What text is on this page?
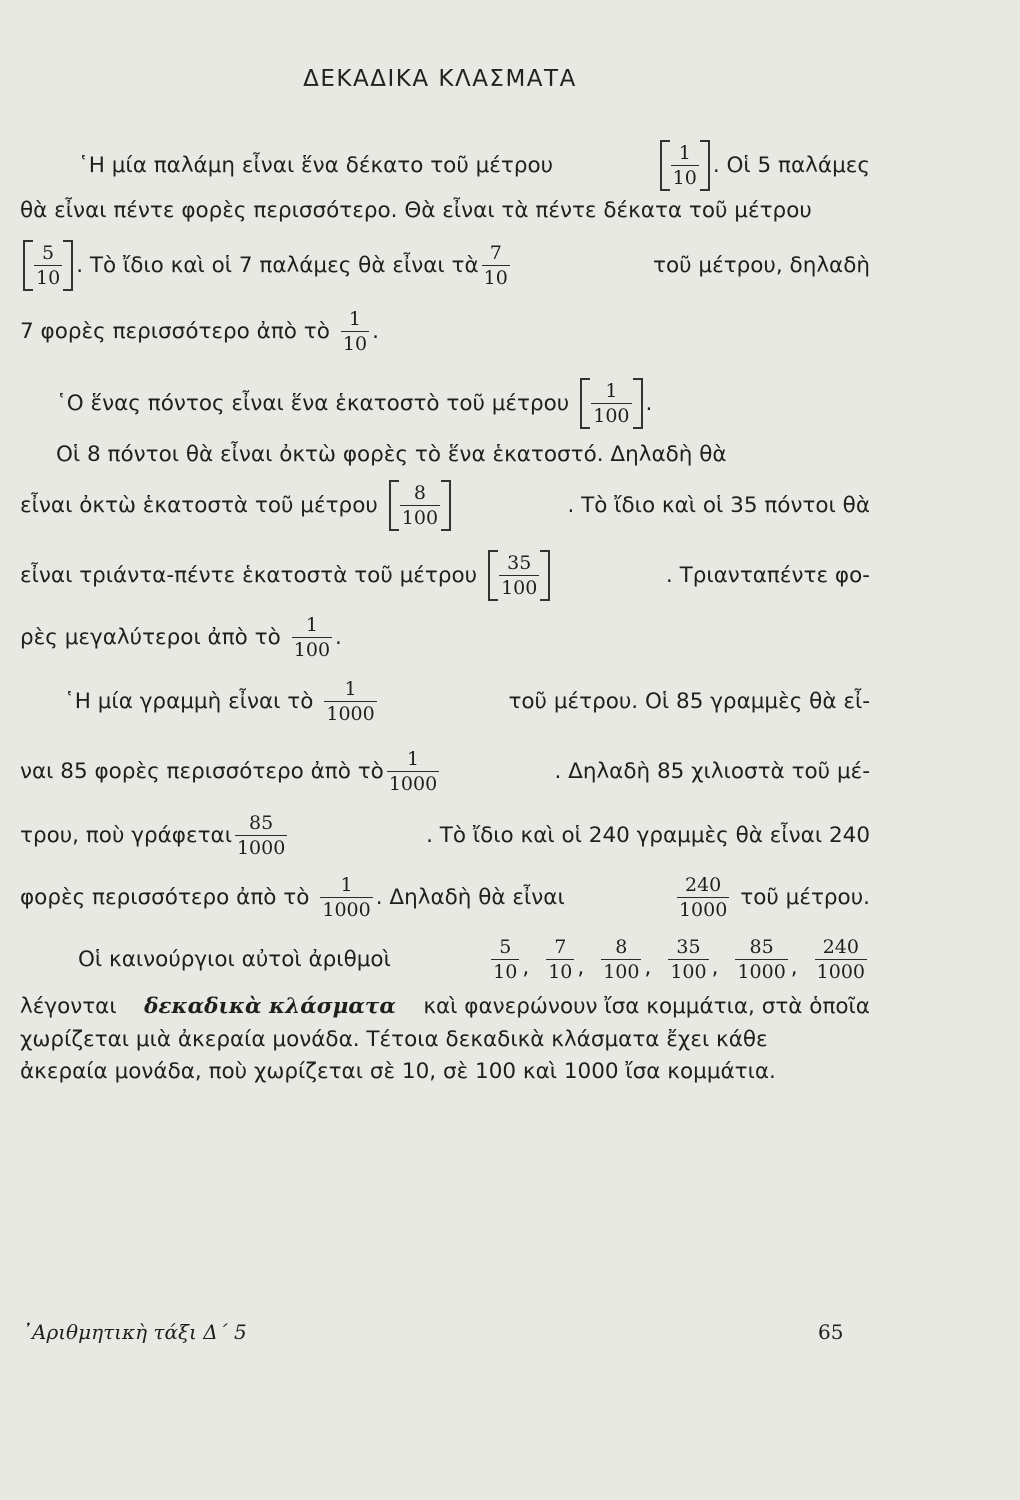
ΔΕΚΑΔΙΚΑ ΚΛΑΣΜΑΤΑ
῾Η μία παλάμη εἶναι ἕνα δέκατο τοῦ μέτρου	$\frac{1}{10}$ . Οἱ 5 παλάμες
θὰ εἶναι πέντε φορὲς περισσότερο. Θὰ εἶναι τὰ πέντε δέκατα τοῦ μέτρου
$\frac{5}{10}$ . Τὸ ἴδιο καὶ οἱ 7 παλάμες θὰ εἶναι τὰ $\frac{7}{10}$	τοῦ μέτρου, δηλαδὴ
7 φορὲς περισσότερο ἀπὸ τὸ $\frac{1}{10}$ .
῾Ο ἕνας πόντος εἶναι ἕνα ἑκατοστὸ τοῦ μέτρου $\frac{1}{100}$ .
Οἱ 8 πόντοι θὰ εἶναι ὀκτὼ φορὲς τὸ ἕνα ἑκατοστό. Δηλαδὴ θὰ
εἶναι ὀκτὼ ἑκατοστὰ τοῦ μέτρου $\frac{8}{100}$	. Τὸ ἴδιο καὶ οἱ 35 πόντοι θὰ
εἶναι τριάντα-πέντε ἑκατοστὰ τοῦ μέτρου $\frac{35}{100}$	. Τριανταπέντε φο-
ρὲς μεγαλύτεροι ἀπὸ τὸ $\frac{1}{100}$ .
῾Η μία γραμμὴ εἶναι τὸ $\frac{1}{1000}$	τοῦ μέτρου. Οἱ 85 γραμμὲς θὰ εἶ-
ναι 85 φορὲς περισσότερο ἀπὸ τὸ $\frac{1}{1000}$	. Δηλαδὴ 85 χιλιοστὰ τοῦ μέ-
τρου, ποὺ γράφεται $\frac{85}{1000}$	. Τὸ ἴδιο καὶ οἱ 240 γραμμὲς θὰ εἶναι 240
φορὲς περισσότερο ἀπὸ τὸ $\frac{1}{1000}$ . Δηλαδὴ θὰ εἶναι	$\frac{240}{1000}$ τοῦ μέτρου.
Οἱ καινούργιοι αὐτοὶ ἀριθμοὶ	$\frac{5}{10}$ , $\frac{7}{10}$ , $\frac{8}{100}$ , $\frac{35}{100}$ , $\frac{85}{1000}$ , $\frac{240}{1000}$
λέγονται δεκαδικὰ κλάσματα καὶ φανερώνουν ἴσα κομμάτια, στὰ ὁποῖα
χωρίζεται μιὰ ἀκεραία μονάδα. Τέτοια δεκαδικὰ κλάσματα ἔχει κάθε
ἀκεραία μονάδα, ποὺ χωρίζεται σὲ 10, σὲ 100 καὶ 1000 ἴσα κομμάτια.
᾿Αριθμητικὴ τάξι Δ΄ 5	65
